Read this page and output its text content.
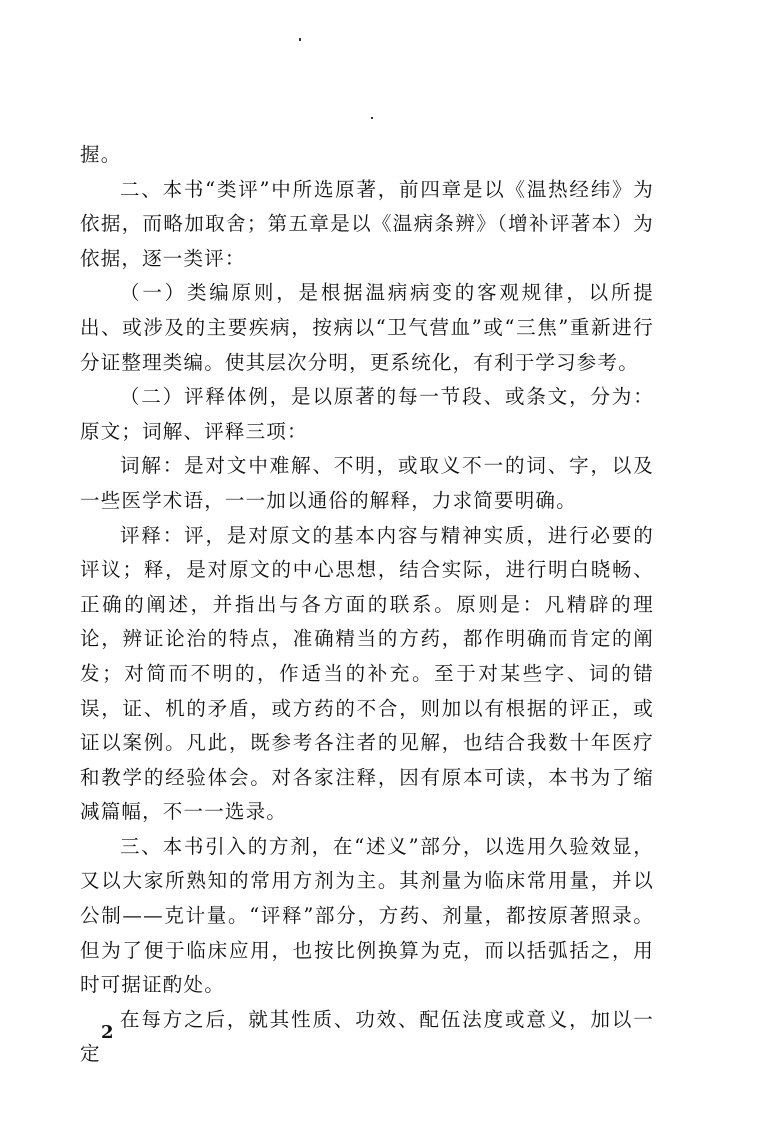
握。

二、本书“类评”中所选原著，前四章是以《温热经纬》为依据，而略加取舍；第五章是以《温病条辨》（增补评著本）为依据，逐一类评：

（一）类编原则，是根据温病病变的客观规律，以所提出、或涉及的主要疾病，按病以“卫气营血”或“三焦”重新进行分证整理类编。使其层次分明，更系统化，有利于学习参考。

（二）评释体例，是以原著的每一节段、或条文，分为：原文；词解、评释三项：

词解：是对文中难解、不明，或取义不一的词、字，以及一些医学术语，一一加以通俗的解释，力求简要明确。

评释：评，是对原文的基本内容与精神实质，进行必要的评议；释，是对原文的中心思想，结合实际，进行明白晓畅、正确的阐述，并指出与各方面的联系。原则是：凡精辟的理论，辨证论治的特点，准确精当的方药，都作明确而肯定的阐发；对简而不明的，作适当的补充。至于对某些字、词的错误，证、机的矛盾，或方药的不合，则加以有根据的评正，或证以案例。凡此，既参考各注者的见解，也结合我数十年医疗和教学的经验体会。对各家注释，因有原本可读，本书为了缩减篇幅，不一一选录。

三、本书引入的方剂，在“述义”部分，以选用久验效显，又以大家所熟知的常用方剂为主。其剂量为临床常用量，并以公制——克计量。“评释”部分，方药、剂量，都按原著照录。但为了便于临床应用，也按比例换算为克，而以括弧括之，用时可据证酌处。

在每方之后，就其性质、功效、配伍法度或意义，加以一定

2
